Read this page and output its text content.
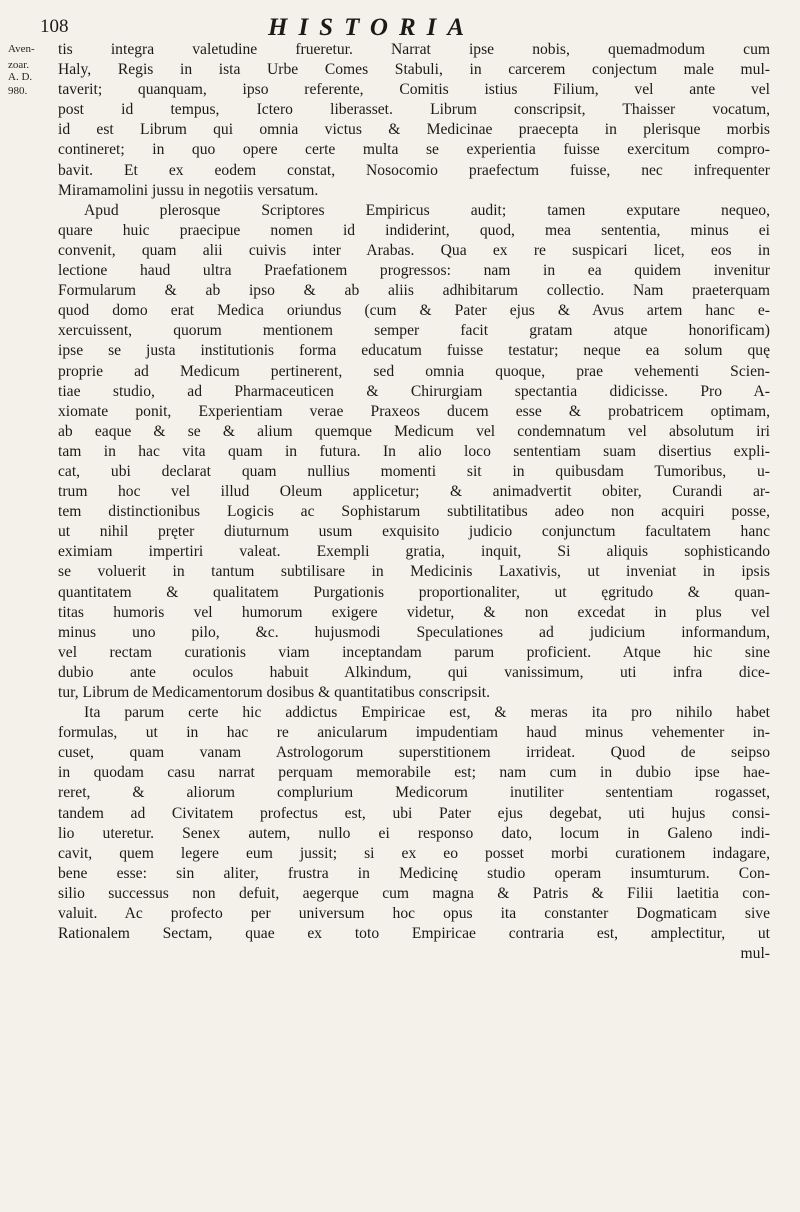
108	HISTORIA
Aven-
zoar.
A. D.
980.
tis integra valetudine frueretur. Narrat ipse nobis, quemadmodum cum
Haly, Regis in ista Urbe Comes Stabuli, in carcerem conjectum male mul-
taverit; quanquam, ipso referente, Comitis istius Filium, vel ante vel
post id tempus, Ictero liberasset. Librum conscripsit, Thaisser vocatum,
id est Librum qui omnia victus & Medicinae praecepta in plerisque morbis
contineret; in quo opere certe multa se experientia fuisse exercitum compro-
bavit. Et ex eodem constat, Nosocomio praefectum fuisse, nec infrequenter
Miramamolini jussu in negotiis versatum.
Apud plerosque Scriptores Empiricus audit; tamen exputare nequeo,
quare huic praecipue nomen id indiderint, quod, mea sententia, minus ei
convenit, quam alii cuivis inter Arabas. Qua ex re suspicari licet, eos in
lectione haud ultra Praefationem progressos: nam in ea quidem invenitur
Formularum & ab ipso & ab aliis adhibitarum collectio. Nam praeterquam
quod domo erat Medica oriundus (cum & Pater ejus & Avus artem hanc e-
xercuissent, quorum mentionem semper facit gratam atque honorificam)
ipse se justa institutionis forma educatum fuisse testatur; neque ea solum quę
proprie ad Medicum pertinerent, sed omnia quoque, prae vehementi Scien-
tiae studio, ad Pharmaceuticen & Chirurgiam spectantia didicisse. Pro A-
xiomate ponit, Experientiam verae Praxeos ducem esse & probatricem optimam,
ab eaque & se & alium quemque Medicum vel condemnatum vel absolutum iri
tam in hac vita quam in futura. In alio loco sententiam suam disertius expli-
cat, ubi declarat quam nullius momenti sit in quibusdam Tumoribus, u-
trum hoc vel illud Oleum applicetur; & animadvertit obiter, Curandi ar-
tem distinctionibus Logicis ac Sophistarum subtilitatibus adeo non acquiri posse,
ut nihil pręter diuturnum usum exquisito judicio conjunctum facultatem hanc
eximiam impertiri valeat. Exempli gratia, inquit, Si aliquis sophisticando
se voluerit in tantum subtilisare in Medicinis Laxativis, ut inveniat in ipsis
quantitatem & qualitatem Purgationis proportionaliter, ut ęgritudo & quan-
titas humoris vel humorum exigere videtur, & non excedat in plus vel
minus uno pilo, &c. hujusmodi Speculationes ad judicium informandum,
vel rectam curationis viam inceptandam parum proficient. Atque hic sine
dubio ante oculos habuit Alkindum, qui vanissimum, uti infra dice-
tur, Librum de Medicamentorum dosibus & quantitatibus conscripsit.
Ita parum certe hic addictus Empiricae est, & meras ita pro nihilo habet
formulas, ut in hac re anicularum impudentiam haud minus vehementer in-
cuset, quam vanam Astrologorum superstitionem irrideat. Quod de seipso
in quodam casu narrat perquam memorabile est; nam cum in dubio ipse hae-
reret, & aliorum complurium Medicorum inutiliter sententiam rogasset,
tandem ad Civitatem profectus est, ubi Pater ejus degebat, uti hujus consi-
lio uteretur. Senex autem, nullo ei responso dato, locum in Galeno indi-
cavit, quem legere eum jussit; si ex eo posset morbi curationem indagare,
bene esse: sin aliter, frustra in Medicinę studio operam insumturum. Con-
silio successus non defuit, aegerque cum magna & Patris & Filii laetitia con-
valuit. Ac profecto per universum hoc opus ita constanter Dogmaticam sive
Rationalem Sectam, quae ex toto Empiricae contraria est, amplectitur, ut
mul-
